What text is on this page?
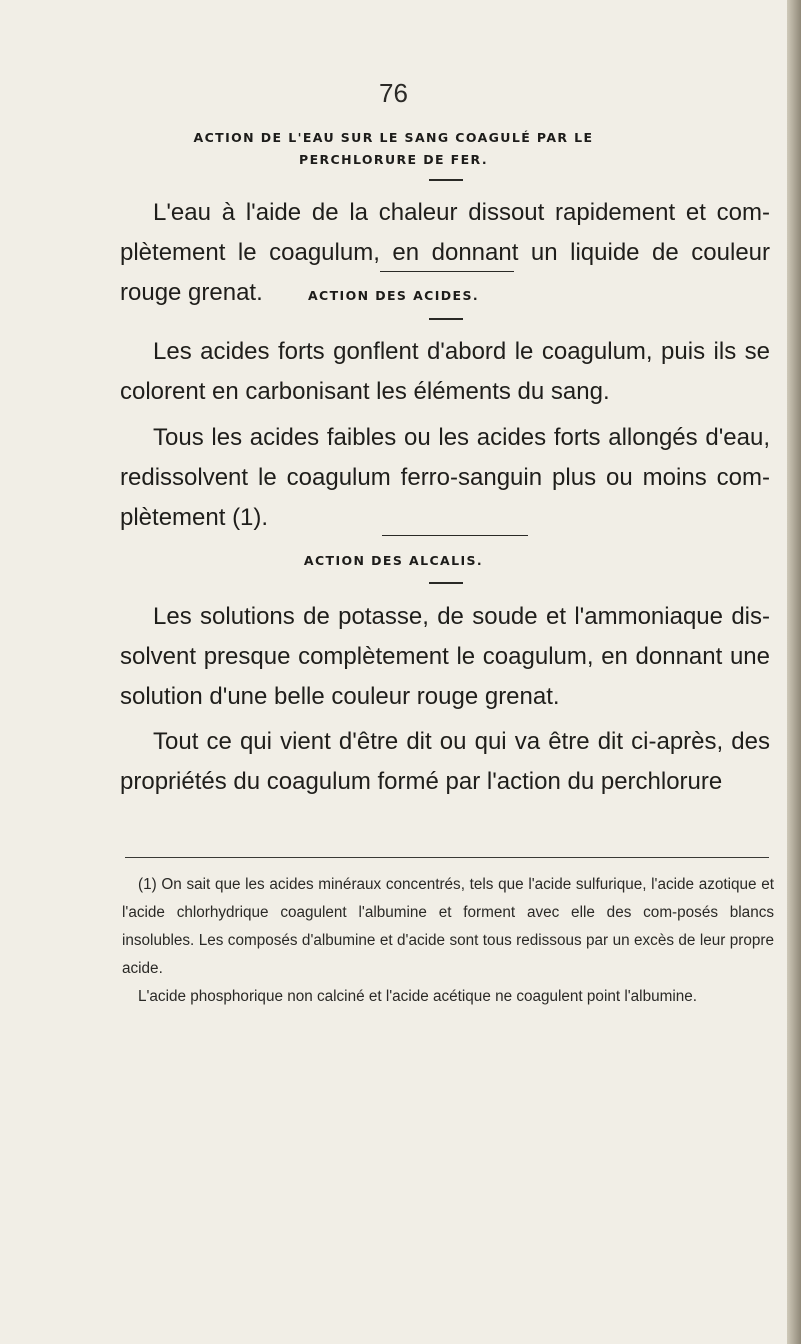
76
ACTION DE L'EAU SUR LE SANG COAGULÉ PAR LE
PERCHLORURE DE FER.

L'eau à l'aide de la chaleur dissout rapidement et com-plètement le coagulum, en donnant un liquide de couleur rouge grenat.	ACTION DES ACIDES.

Les acides forts gonflent d'abord le coagulum, puis ils se colorent en carbonisant les éléments du sang.

Tous les acides faibles ou les acides forts allongés d'eau, redissolvent le coagulum ferro-sanguin plus ou moins com-plètement (1).

ACTION DES ALCALIS.

Les solutions de potasse, de soude et l'ammoniaque dis-solvent presque complètement le coagulum, en donnant une solution d'une belle couleur rouge grenat.

Tout ce qui vient d'être dit ou qui va être dit ci-après, des propriétés du coagulum formé par l'action du perchlorure

(1) On sait que les acides minéraux concentrés, tels que l'acide sulfurique, l'acide azotique et l'acide chlorhydrique coagulent l'albumine et forment avec elle des com-posés blancs insolubles. Les composés d'albumine et d'acide sont tous redissous par un excès de leur propre acide.

L'acide phosphorique non calciné et l'acide acétique ne coagulent point l'albumine.
